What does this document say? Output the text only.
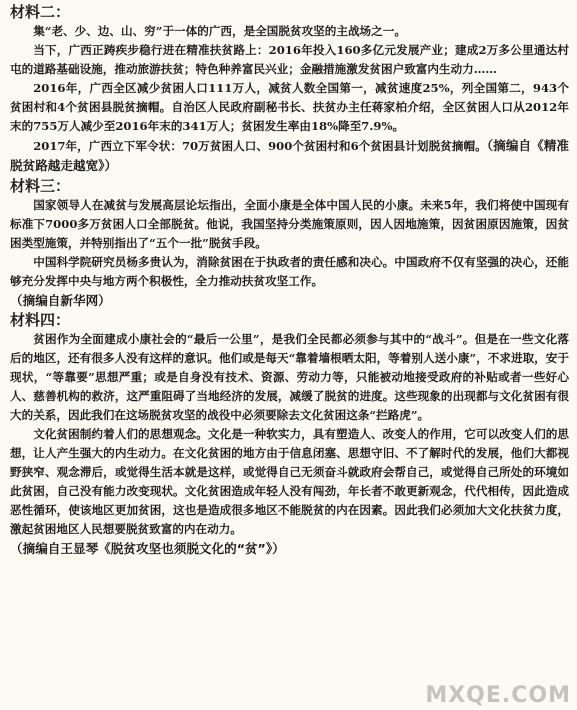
材料二：

集“老、少、边、山、穷”于一体的广西，是全国脱贫攻坚的主战场之一。

当下，广西正踌疾步稳行进在精准扶贫路上：2016年投入160多亿元发展产业；建成2万多公里通达村屯的道路基础设施，推动旅游扶贫；特色种养富民兴业；金融措施激发贫困户致富内生动力……

2016年，广西全区减少贫困人口111万人，减贫人数全国第一，减贫速度25%，列全国第二，943个贫困村和4个贫困县脱贫摘帽。自治区人民政府副秘书长、扶贫办主任蒋家柏介绍，全区贫困人口从2012年末的755万人减少至2016年末的341万人；贫困发生率由18%降至7.9%。

2017年，广西立下军令状：70万贫困人口、900个贫困村和6个贫困县计划脱贫摘帽。（摘编自《精准脱贫路越走越宽》）

材料三：

国家领导人在减贫与发展高层论坛指出，全面小康是全体中国人民的小康。未来5年，我们将使中国现有标准下7000多万贫困人口全部脱贫。他说，我国坚持分类施策原则，因人因地施策，因贫困原因施策，因贫困类型施策，并特别指出了“五个一批”脱贫手段。

中国科学院研究员杨多贵认为，消除贫困在于执政者的责任感和决心。中国政府不仅有坚强的决心，还能够充分发挥中央与地方两个积极性，全力推动扶贫攻坚工作。

（摘编自新华网）

材料四：

贫困作为全面建成小康社会的“最后一公里”，是我们全民都必须参与其中的“战斗”。但是在一些文化落后的地区，还有很多人没有这样的意识。他们或是每天“靠着墙根晒太阳，等着别人送小康”，不求进取，安于现状，“等靠要”思想严重；或是自身没有技术、资源、劳动力等，只能被动地接受政府的补贴或者一些好心人、慈善机构的救济，这严重阻碍了当地经济的发展，减缓了脱贫的进度。这些现象的出现都与文化贫困有很大的关系，因此我们在这场脱贫攻坚的战役中必须要除去文化贫困这条“拦路虎”。

文化贫困制约着人们的思想观念。文化是一种软实力，具有塑造人、改变人的作用，它可以改变人们的思想，让人产生强大的内生动力。在文化贫困的地方由于信息闭塞、思想守旧、不了解时代的发展，他们大都视野狭窄、观念滞后，或觉得生活本就是这样，或觉得自己无须奋斗就政府会帮自己，或觉得自己所处的环境如此贫困，自己没有能力改变现状。文化贫困造成年轻人没有闯劲，年长者不敢更新观念，代代相传，因此造成恶性循环，使该地区更加贫困，这也是造成很多地区不能脱贫的内在因素。因此我们必须加大文化扶贫力度，激起贫困地区人民想要脱贫致富的内在动力。

（摘编自王显琴《脱贫攻坚也须脱文化的“贫”》）

MXQE.COM
